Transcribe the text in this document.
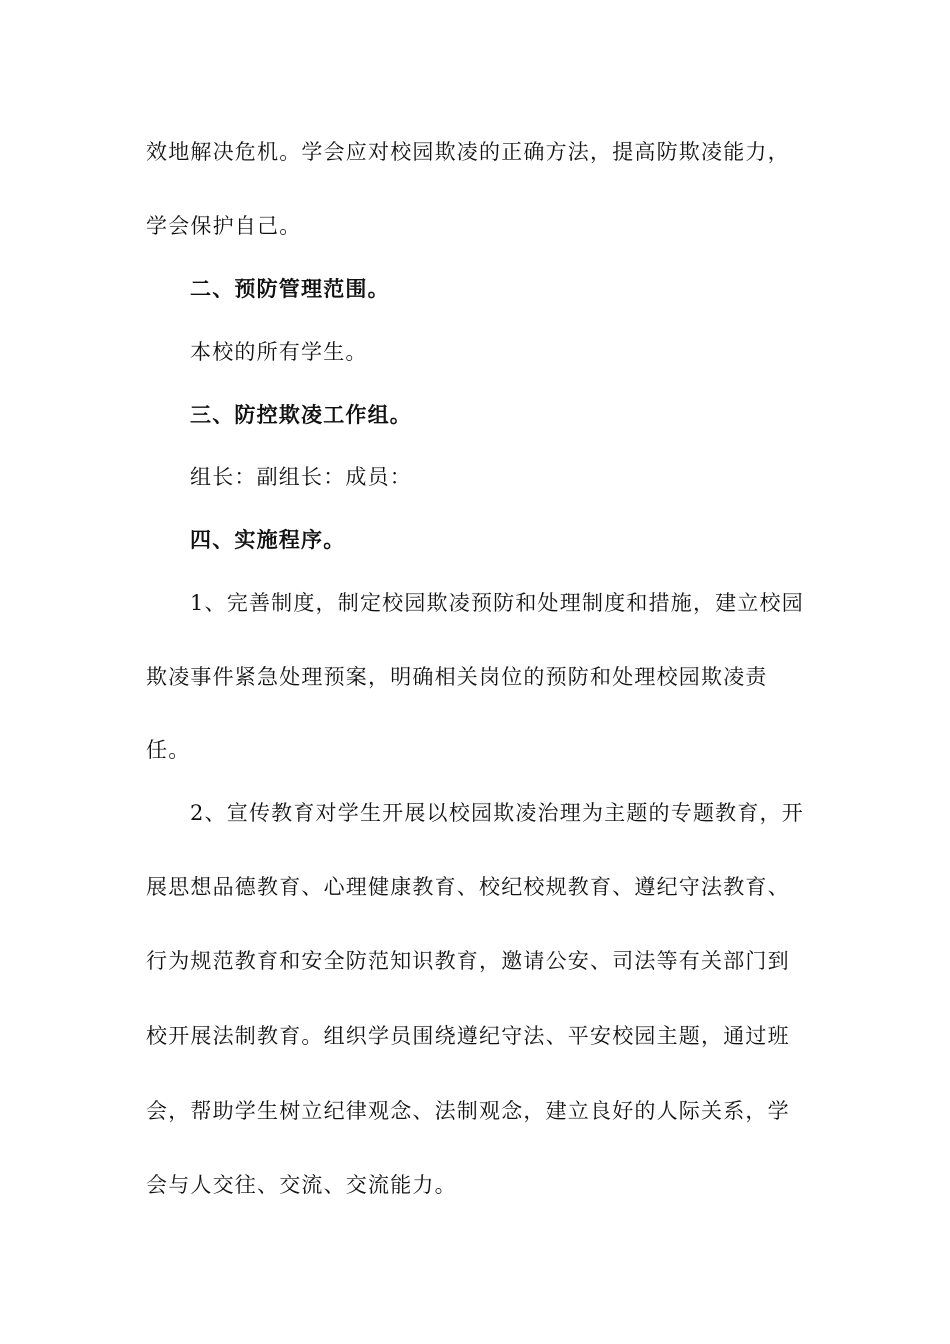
效地解决危机。学会应对校园欺凌的正确方法，提高防欺凌能力，
学会保护自己。
二、预防管理范围。
本校的所有学生。
三、防控欺凌工作组。
组长：副组长：成员：
四、实施程序。
1、完善制度，制定校园欺凌预防和处理制度和措施，建立校园
欺凌事件紧急处理预案，明确相关岗位的预防和处理校园欺凌责
任。
2、宣传教育对学生开展以校园欺凌治理为主题的专题教育，开
展思想品德教育、心理健康教育、校纪校规教育、遵纪守法教育、
行为规范教育和安全防范知识教育，邀请公安、司法等有关部门到
校开展法制教育。组织学员围绕遵纪守法、平安校园主题，通过班
会，帮助学生树立纪律观念、法制观念，建立良好的人际关系，学
会与人交往、交流、交流能力。
